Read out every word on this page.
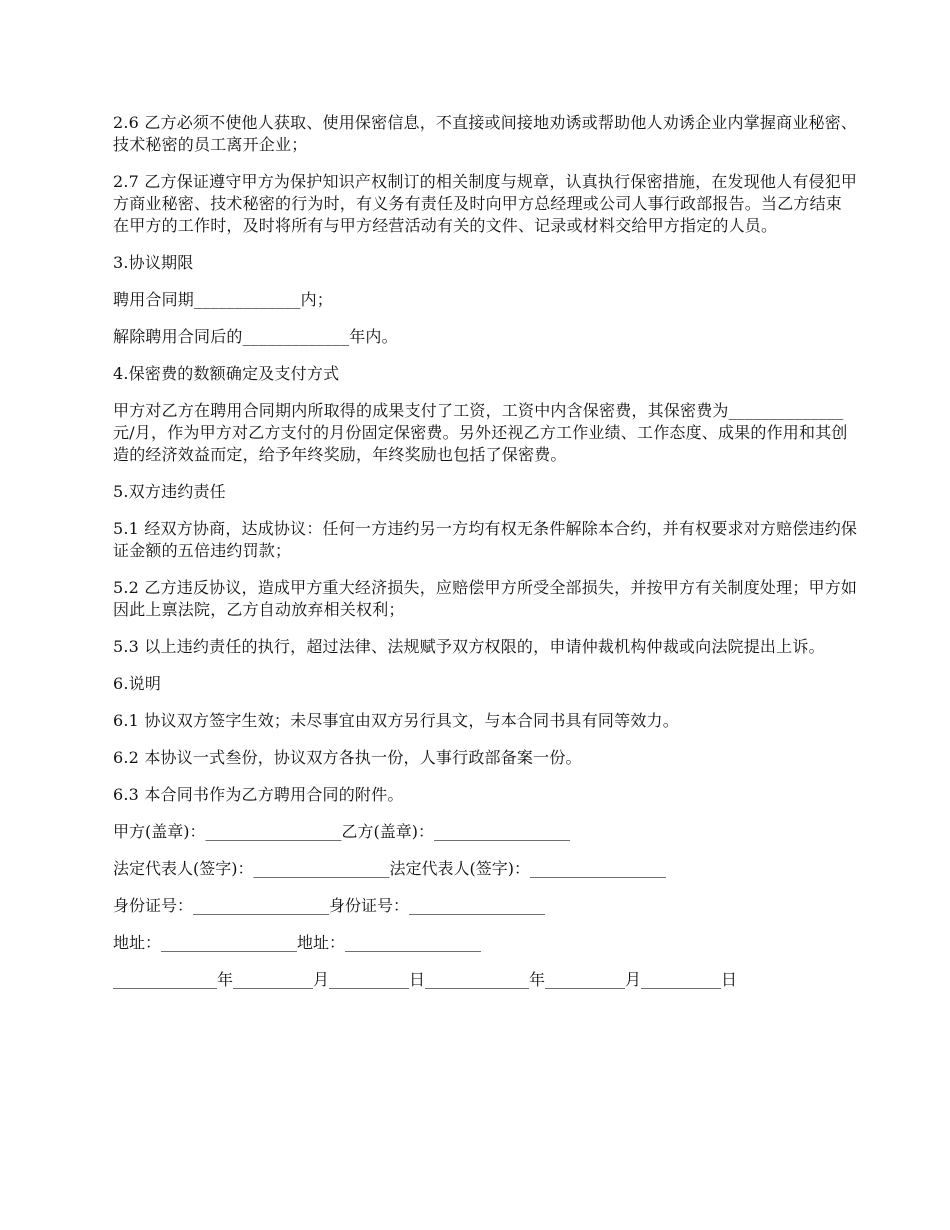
2.6 乙方必须不使他人获取、使用保密信息，不直接或间接地劝诱或帮助他人劝诱企业内掌握商业秘密、技术秘密的员工离开企业；

2.7 乙方保证遵守甲方为保护知识产权制订的相关制度与规章，认真执行保密措施，在发现他人有侵犯甲方商业秘密、技术秘密的行为时，有义务有责任及时向甲方总经理或公司人事行政部报告。当乙方结束在甲方的工作时，及时将所有与甲方经营活动有关的文件、记录或材料交给甲方指定的人员。

3.协议期限

聘用合同期_____________内；

解除聘用合同后的_____________年内。

4.保密费的数额确定及支付方式

甲方对乙方在聘用合同期内所取得的成果支付了工资，工资中内含保密费，其保密费为______________元/月，作为甲方对乙方支付的月份固定保密费。另外还视乙方工作业绩、工作态度、成果的作用和其创造的经济效益而定，给予年终奖励，年终奖励也包括了保密费。

5.双方违约责任

5.1 经双方协商，达成协议：任何一方违约另一方均有权无条件解除本合约，并有权要求对方赔偿违约保证金额的五倍违约罚款；

5.2 乙方违反协议，造成甲方重大经济损失，应赔偿甲方所受全部损失，并按甲方有关制度处理；甲方如因此上禀法院，乙方自动放弃相关权利；

5.3 以上违约责任的执行，超过法律、法规赋予双方权限的，申请仲裁机构仲裁或向法院提出上诉。

6.说明

6.1 协议双方签字生效；未尽事宜由双方另行具文，与本合同书具有同等效力。

6.2 本协议一式叁份，协议双方各执一份，人事行政部备案一份。

6.3 本合同书作为乙方聘用合同的附件。

甲方(盖章)：_________________乙方(盖章)：_________________

法定代表人(签字)：_________________法定代表人(签字)：_________________

身份证号：_________________身份证号：_________________

地址：_________________地址：_________________

_____________年__________月__________日_____________年__________月__________日
